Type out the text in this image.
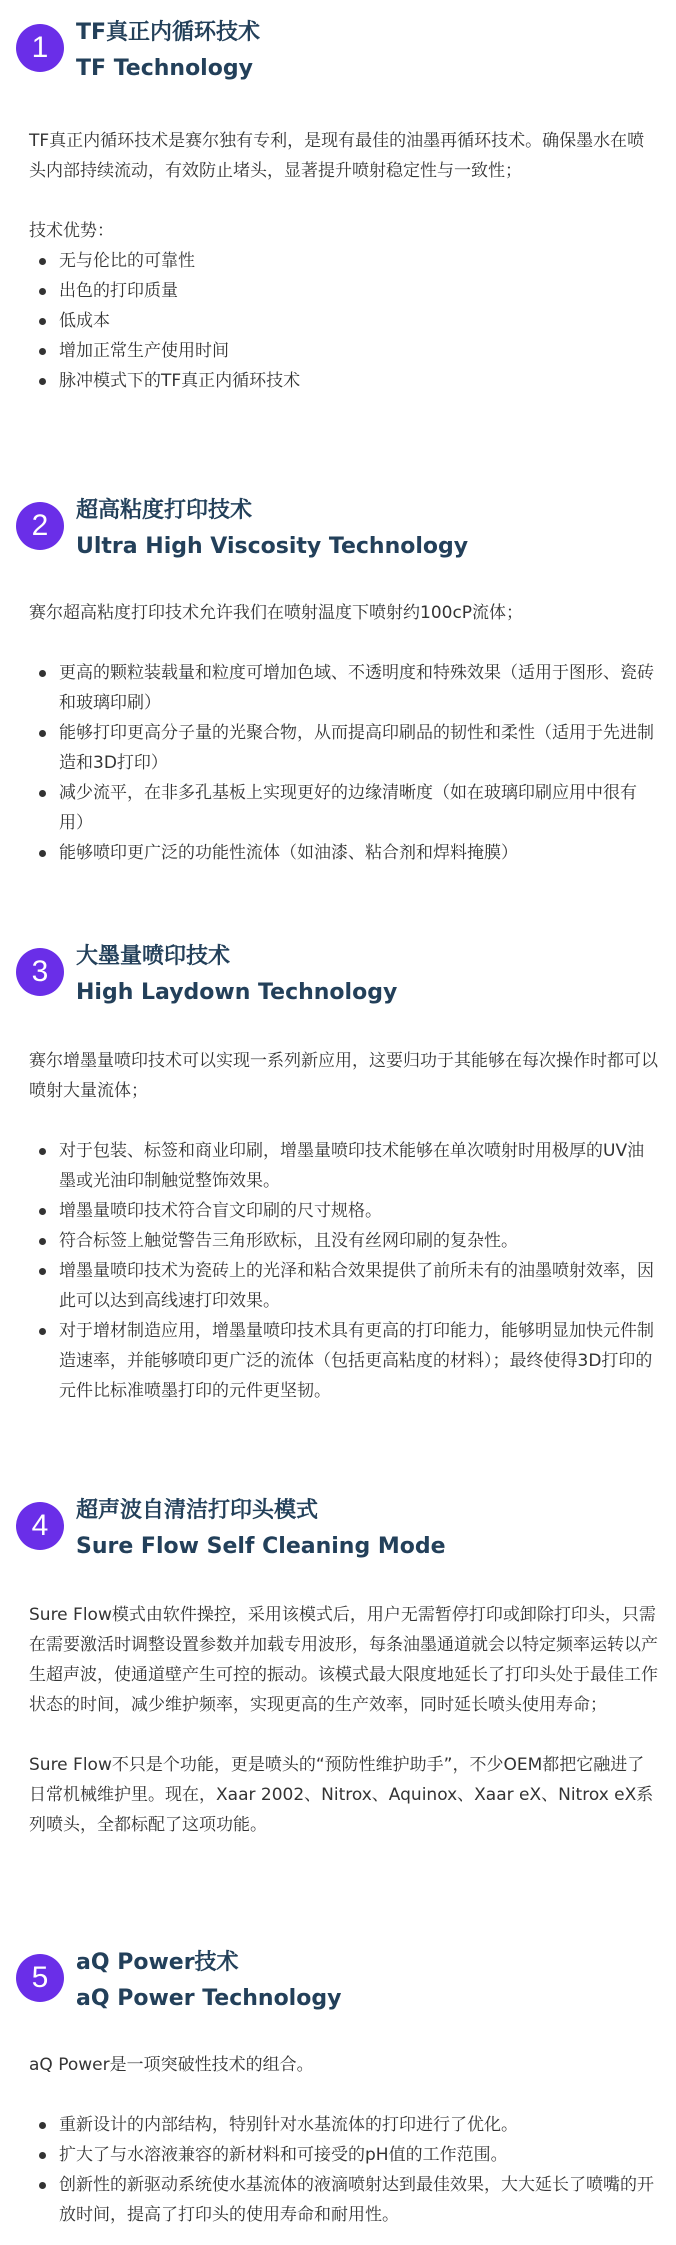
1	TF真正内循环技术
TF Technology

TF真正内循环技术是赛尔独有专利，是现有最佳的油墨再循环技术。确保墨水在喷头内部持续流动，有效防止堵头，显著提升喷射稳定性与一致性；

技术优势：

无与伦比的可靠性
出色的打印质量
低成本
增加正常生产使用时间
脉冲模式下的TF真正内循环技术
2	超高粘度打印技术
Ultra High Viscosity Technology

赛尔超高粘度打印技术允许我们在喷射温度下喷射约100cP流体；

更高的颗粒装载量和粒度可增加色域、不透明度和特殊效果（适用于图形、瓷砖和玻璃印刷）
能够打印更高分子量的光聚合物，从而提高印刷品的韧性和柔性（适用于先进制造和3D打印）
减少流平，在非多孔基板上实现更好的边缘清晰度（如在玻璃印刷应用中很有用）
能够喷印更广泛的功能性流体（如油漆、粘合剂和焊料掩膜）
3	大墨量喷印技术
High Laydown Technology

赛尔增墨量喷印技术可以实现一系列新应用，这要归功于其能够在每次操作时都可以喷射大量流体；

对于包装、标签和商业印刷，增墨量喷印技术能够在单次喷射时用极厚的UV油墨或光油印制触觉整饰效果。
增墨量喷印技术符合盲文印刷的尺寸规格。
符合标签上触觉警告三角形欧标，且没有丝网印刷的复杂性。
增墨量喷印技术为瓷砖上的光泽和粘合效果提供了前所未有的油墨喷射效率，因此可以达到高线速打印效果。
对于增材制造应用，增墨量喷印技术具有更高的打印能力，能够明显加快元件制造速率，并能够喷印更广泛的流体（包括更高粘度的材料）；最终使得3D打印的元件比标准喷墨打印的元件更坚韧。
4	超声波自清洁打印头模式
Sure Flow Self Cleaning Mode

Sure Flow模式由软件操控，采用该模式后，用户无需暂停打印或卸除打印头，只需在需要激活时调整设置参数并加载专用波形，每条油墨通道就会以特定频率运转以产生超声波，使通道壁产生可控的振动。该模式最大限度地延长了打印头处于最佳工作状态的时间，减少维护频率，实现更高的生产效率，同时延长喷头使用寿命；

Sure Flow不只是个功能，更是喷头的“预防性维护助手”，不少OEM都把它融进了日常机械维护里。现在，Xaar 2002、Nitrox、Aquinox、Xaar eX、Nitrox eX系列喷头，全都标配了这项功能。

5	aQ Power技术
aQ Power Technology

aQ Power是一项突破性技术的组合。

重新设计的内部结构，特别针对水基流体的打印进行了优化。
扩大了与水溶液兼容的新材料和可接受的pH值的工作范围。
创新性的新驱动系统使水基流体的液滴喷射达到最佳效果，大大延长了喷嘴的开放时间，提高了打印头的使用寿命和耐用性。
